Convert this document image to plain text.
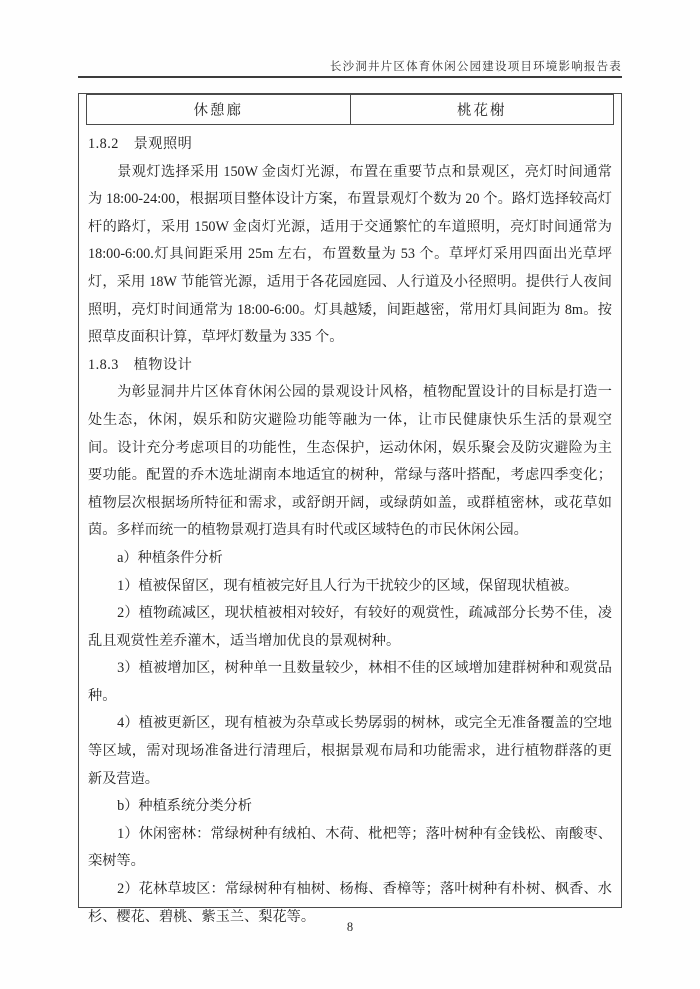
长沙洞井片区体育休闲公园建设项目环境影响报告表
休憩廊	桃花榭

1.8.2　景观照明

景观灯选择采用 150W 金卤灯光源，布置在重要节点和景观区，亮灯时间通常为 18:00-24:00，根据项目整体设计方案，布置景观灯个数为 20 个。路灯选择较高灯杆的路灯，采用 150W 金卤灯光源，适用于交通繁忙的车道照明，亮灯时间通常为 18:00-6:00.灯具间距采用 25m 左右，布置数量为 53 个。草坪灯采用四面出光草坪灯，采用 18W 节能管光源，适用于各花园庭园、人行道及小径照明。提供行人夜间照明，亮灯时间通常为 18:00-6:00。灯具越矮，间距越密，常用灯具间距为 8m。按照草皮面积计算，草坪灯数量为 335 个。

1.8.3　植物设计

为彰显洞井片区体育休闲公园的景观设计风格，植物配置设计的目标是打造一处生态，休闲，娱乐和防灾避险功能等融为一体，让市民健康快乐生活的景观空间。设计充分考虑项目的功能性，生态保护，运动休闲，娱乐聚会及防灾避险为主要功能。配置的乔木选址湖南本地适宜的树种，常绿与落叶搭配，考虑四季变化；植物层次根据场所特征和需求，或舒朗开阔，或绿荫如盖，或群植密林，或花草如茵。多样而统一的植物景观打造具有时代或区域特色的市民休闲公园。

a）种植条件分析

1）植被保留区，现有植被完好且人行为干扰较少的区域，保留现状植被。

2）植物疏减区，现状植被相对较好，有较好的观赏性，疏减部分长势不佳，凌乱且观赏性差乔灌木，适当增加优良的景观树种。

3）植被增加区，树种单一且数量较少，林相不佳的区域增加建群树种和观赏品种。

4）植被更新区，现有植被为杂草或长势孱弱的树林，或完全无准备覆盖的空地等区域，需对现场准备进行清理后，根据景观布局和功能需求，进行植物群落的更新及营造。

b）种植系统分类分析

1）休闲密林：常绿树种有绒柏、木荷、枇杷等；落叶树种有金钱松、南酸枣、栾树等。

2）花林草坡区：常绿树种有柚树、杨梅、香樟等；落叶树种有朴树、枫香、水杉、樱花、碧桃、紫玉兰、梨花等。

8
